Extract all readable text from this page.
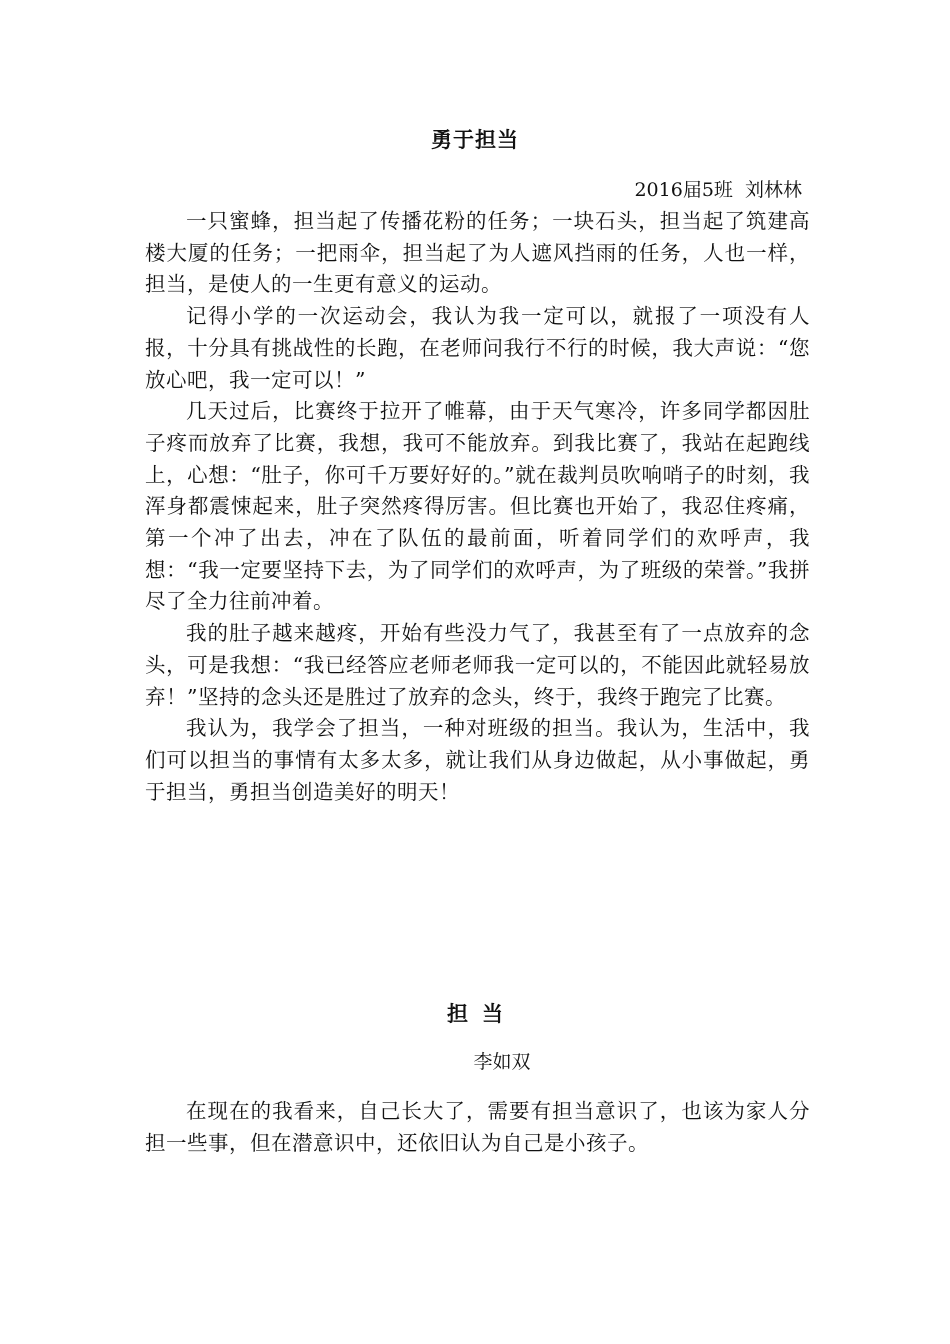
勇于担当
2016届5班  刘林林

一只蜜蜂，担当起了传播花粉的任务；一块石头，担当起了筑建高楼大厦的任务；一把雨伞，担当起了为人遮风挡雨的任务，人也一样，担当，是使人的一生更有意义的运动。

记得小学的一次运动会，我认为我一定可以，就报了一项没有人报，十分具有挑战性的长跑，在老师问我行不行的时候，我大声说：“您放心吧，我一定可以！”

几天过后，比赛终于拉开了帷幕，由于天气寒冷，许多同学都因肚子疼而放弃了比赛，我想，我可不能放弃。到我比赛了，我站在起跑线上，心想：“肚子，你可千万要好好的。”就在裁判员吹响哨子的时刻，我浑身都震悚起来，肚子突然疼得厉害。但比赛也开始了，我忍住疼痛，第一个冲了出去，冲在了队伍的最前面，听着同学们的欢呼声，我想：“我一定要坚持下去，为了同学们的欢呼声，为了班级的荣誉。”我拼尽了全力往前冲着。

我的肚子越来越疼，开始有些没力气了，我甚至有了一点放弃的念头，可是我想：“我已经答应老师老师我一定可以的，不能因此就轻易放弃！”坚持的念头还是胜过了放弃的念头，终于，我终于跑完了比赛。

我认为，我学会了担当，一种对班级的担当。我认为，生活中，我们可以担当的事情有太多太多，就让我们从身边做起，从小事做起，勇于担当，勇担当创造美好的明天！

担当
李如双

在现在的我看来，自己长大了，需要有担当意识了，也该为家人分担一些事，但在潜意识中，还依旧认为自己是小孩子。
